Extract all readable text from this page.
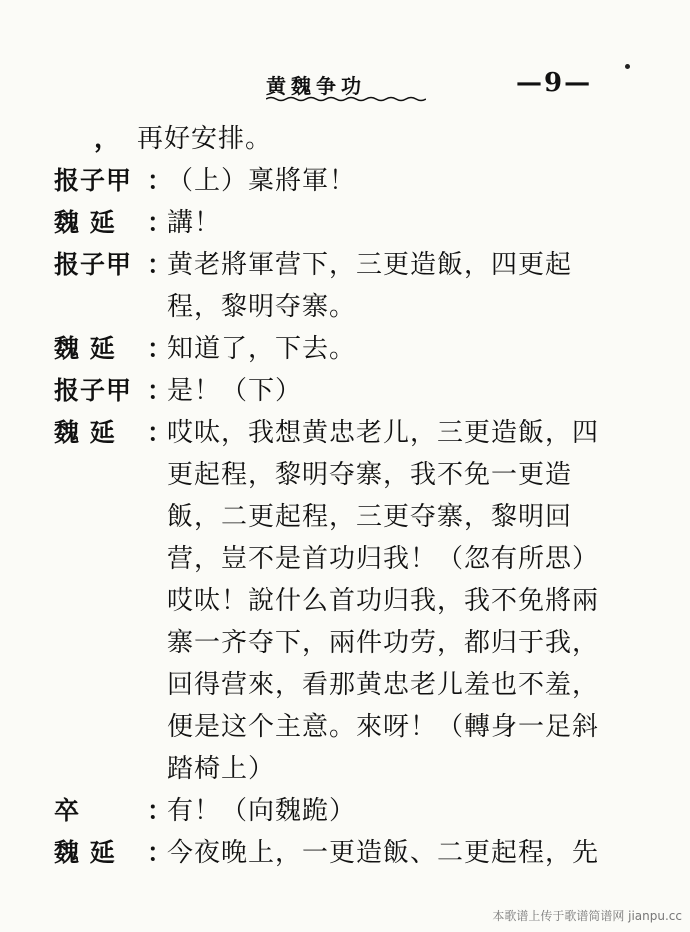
黄魏争功	—9—
， 再好安排。
报子甲 ：
（上）稟將軍！
魏 延	：
講！
报子甲 ：
黄老將軍营下，三更造飯，四更起
程，黎明夺寨。
魏 延	：
知道了，下去。
报子甲 ：
是！（下）
魏 延	：
哎呔，我想黄忠老儿，三更造飯，四
更起程，黎明夺寨，我不免一更造
飯，二更起程，三更夺寨，黎明回
营，豈不是首功归我！（忽有所思）
哎呔！說什么首功归我，我不免將兩
寨一齐夺下，兩件功劳，都归于我，
回得营來，看那黄忠老儿羞也不羞，
便是这个主意。來呀！（轉身一足斜
踏椅上）
卒	：
有！（向魏跪）
魏 延	：
今夜晚上，一更造飯、二更起程，先
本歌谱上传于歌谱简谱网 jianpu.cc
